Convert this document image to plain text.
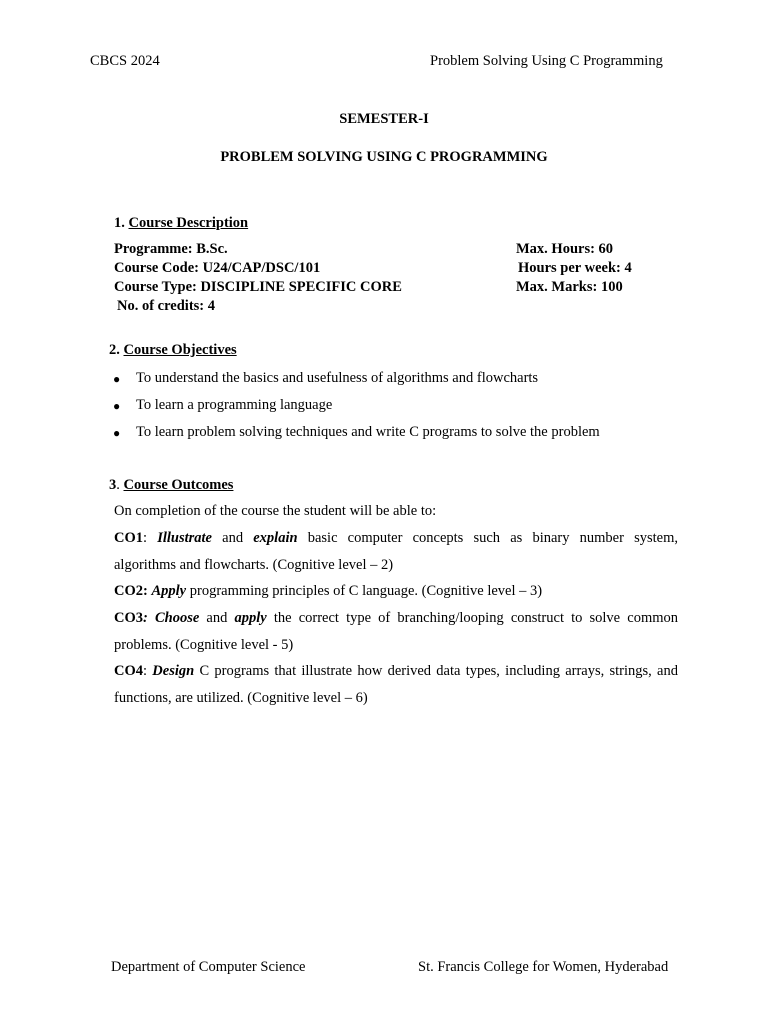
CBCS 2024	Problem Solving Using C Programming
SEMESTER-I
PROBLEM SOLVING USING C PROGRAMMING
1. Course Description
Programme: B.Sc.
Course Code: U24/CAP/DSC/101
Course Type: DISCIPLINE SPECIFIC CORE
No. of credits: 4
Max. Hours: 60
Hours per week: 4
Max. Marks: 100
2. Course Objectives
● To understand the basics and usefulness of algorithms and flowcharts
● To learn a programming language
● To learn problem solving techniques and write C programs to solve the problem
3. Course Outcomes
On completion of the course the student will be able to:
CO1: Illustrate and explain basic computer concepts such as binary number system,
algorithms and flowcharts. (Cognitive level – 2)
CO2: Apply programming principles of C language. (Cognitive level – 3)
CO3: Choose and apply the correct type of branching/looping construct to solve common
problems. (Cognitive level - 5)
CO4: Design C programs that illustrate how derived data types, including arrays, strings, and
functions, are utilized. (Cognitive level – 6)
Department of Computer Science	St. Francis College for Women, Hyderabad
